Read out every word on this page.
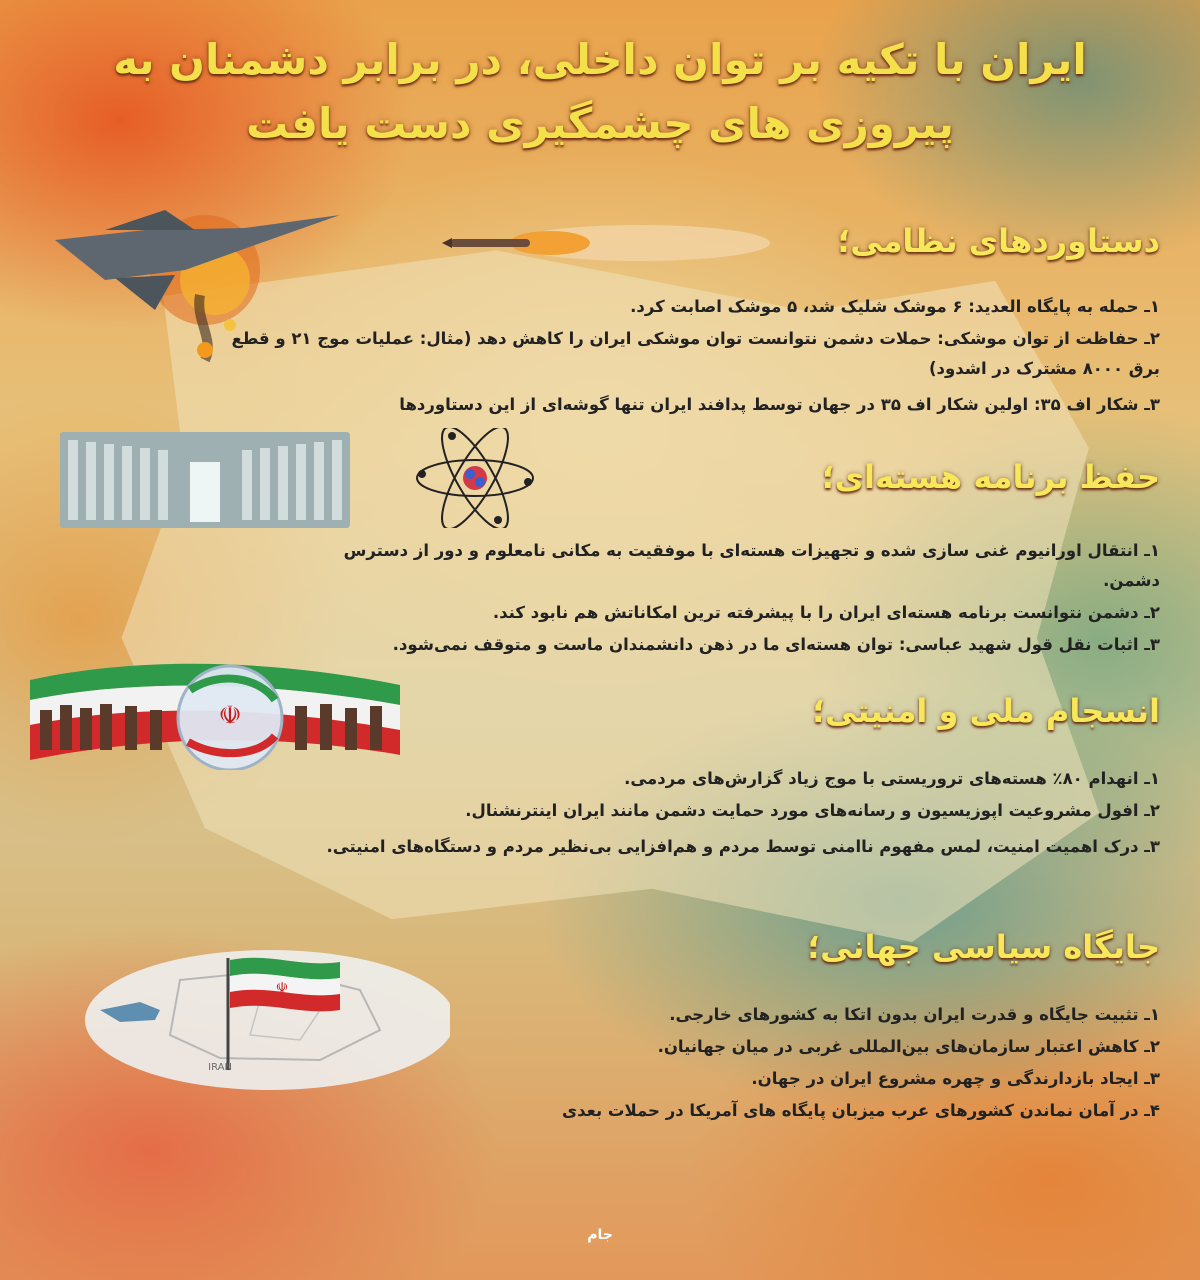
ایران با تکیه بر توان داخلی، در برابر دشمنان به
پیروزی های چشمگیری دست یافت
دستاوردهای نظامی؛
۱ـ حمله به پایگاه العدید: ۶ موشک شلیک شد، ۵ موشک اصابت کرد.
۲ـ حفاظت از توان موشکی: حملات دشمن نتوانست توان موشکی ایران را کاهش دهد (مثال: عملیات موج ۲۱ و قطع برق ۸۰۰۰ مشترک در اشدود)
۳ـ شکار اف ۳۵: اولین شکار اف ۳۵ در جهان توسط پدافند ایران تنها گوشه‌ای از این دستاوردها
حفظ برنامه هسته‌ای؛
۱ـ انتقال اورانیوم غنی سازی شده و تجهیزات هسته‌ای با موفقیت به مکانی نامعلوم و دور از دسترس دشمن.
۲ـ دشمن نتوانست برنامه هسته‌ای ایران را با پیشرفته ترین امکاناتش هم نابود کند.
۳ـ اثبات نقل قول شهید عباسی: توان هسته‌ای ما در ذهن دانشمندان ماست و متوقف نمی‌شود.
☫	انسجام ملی و امنیتی؛
۱ـ انهدام ۸۰٪ هسته‌های تروریستی با موج زیاد گزارش‌های مردمی.
۲ـ افول مشروعیت اپوزیسیون و رسانه‌های مورد حمایت دشمن مانند ایران اینترنشنال.
۳ـ درک اهمیت امنیت، لمس مفهوم ناامنی توسط مردم و هم‌افزایی بی‌نظیر مردم و دستگاه‌های امنیتی.
☫
IRAN
جایگاه سیاسی جهانی؛
۱ـ تثبیت جایگاه و قدرت ایران بدون اتکا به کشورهای خارجی.
۲ـ کاهش اعتبار سازمان‌های بین‌المللی غربی در میان جهانیان.
۳ـ ایجاد بازدارندگی و چهره مشروع ایران در جهان.
۴ـ در آمان نماندن کشورهای عرب میزبان پایگاه های آمریکا در حملات بعدی
جام
